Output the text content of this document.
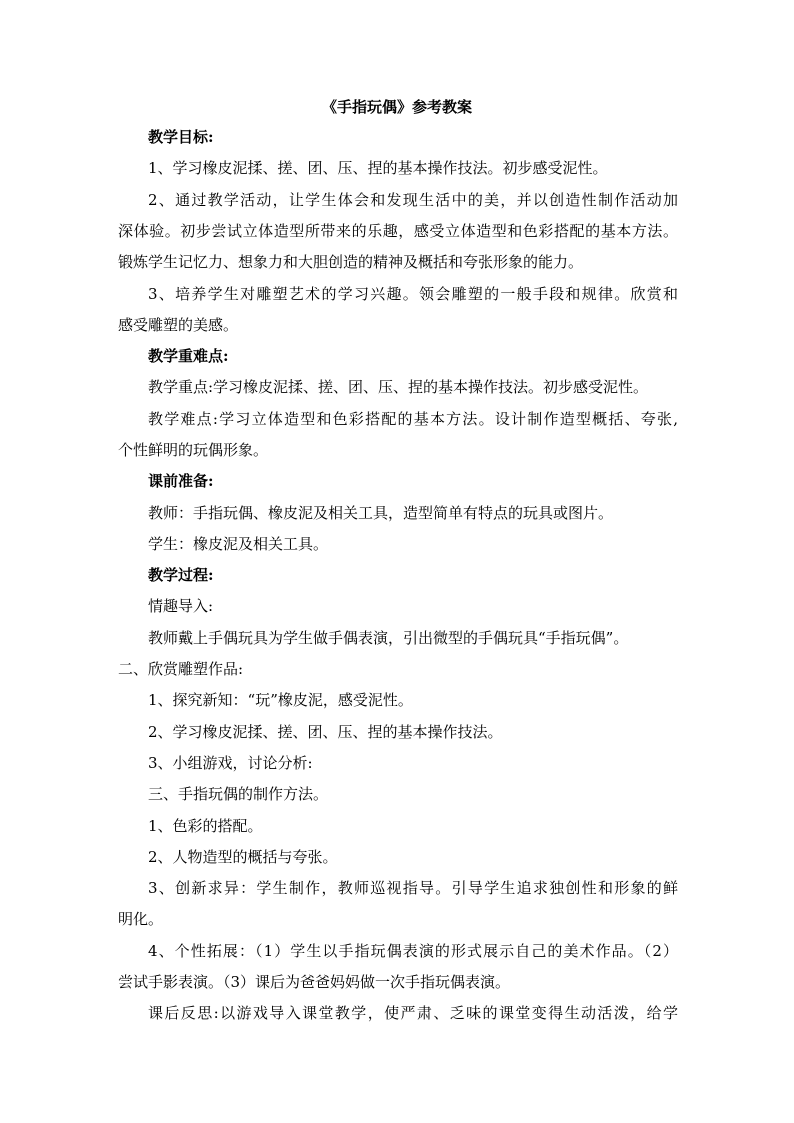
《手指玩偶》参考教案
教学目标:
1、学习橡皮泥揉、搓、团、压、捏的基本操作技法。初步感受泥性。
2、通过教学活动，让学生体会和发现生活中的美，并以创造性制作活动加
深体验。初步尝试立体造型所带来的乐趣，感受立体造型和色彩搭配的基本方法。
锻炼学生记忆力、想象力和大胆创造的精神及概括和夸张形象的能力。
3、培养学生对雕塑艺术的学习兴趣。领会雕塑的一般手段和规律。欣赏和
感受雕塑的美感。
教学重难点:
教学重点:学习橡皮泥揉、搓、团、压、捏的基本操作技法。初步感受泥性。
教学难点:学习立体造型和色彩搭配的基本方法。设计制作造型概括、夸张,
个性鲜明的玩偶形象。
课前准备:
教师：手指玩偶、橡皮泥及相关工具，造型简单有特点的玩具或图片。
学生：橡皮泥及相关工具。
教学过程:
情趣导入:
教师戴上手偶玩具为学生做手偶表演，引出微型的手偶玩具“手指玩偶”。
二、欣赏雕塑作品:
1、探究新知：“玩”橡皮泥，感受泥性。
2、学习橡皮泥揉、搓、团、压、捏的基本操作技法。
3、小组游戏，讨论分析:
三、手指玩偶的制作方法。
1、色彩的搭配。
2、人物造型的概括与夸张。
3、创新求异：学生制作，教师巡视指导。引导学生追求独创性和形象的鲜
明化。
4、个性拓展：（1）学生以手指玩偶表演的形式展示自己的美术作品。（2）
尝试手影表演。（3）课后为爸爸妈妈做一次手指玩偶表演。
课后反思:以游戏导入课堂教学，使严肃、乏味的课堂变得生动活泼，给学
